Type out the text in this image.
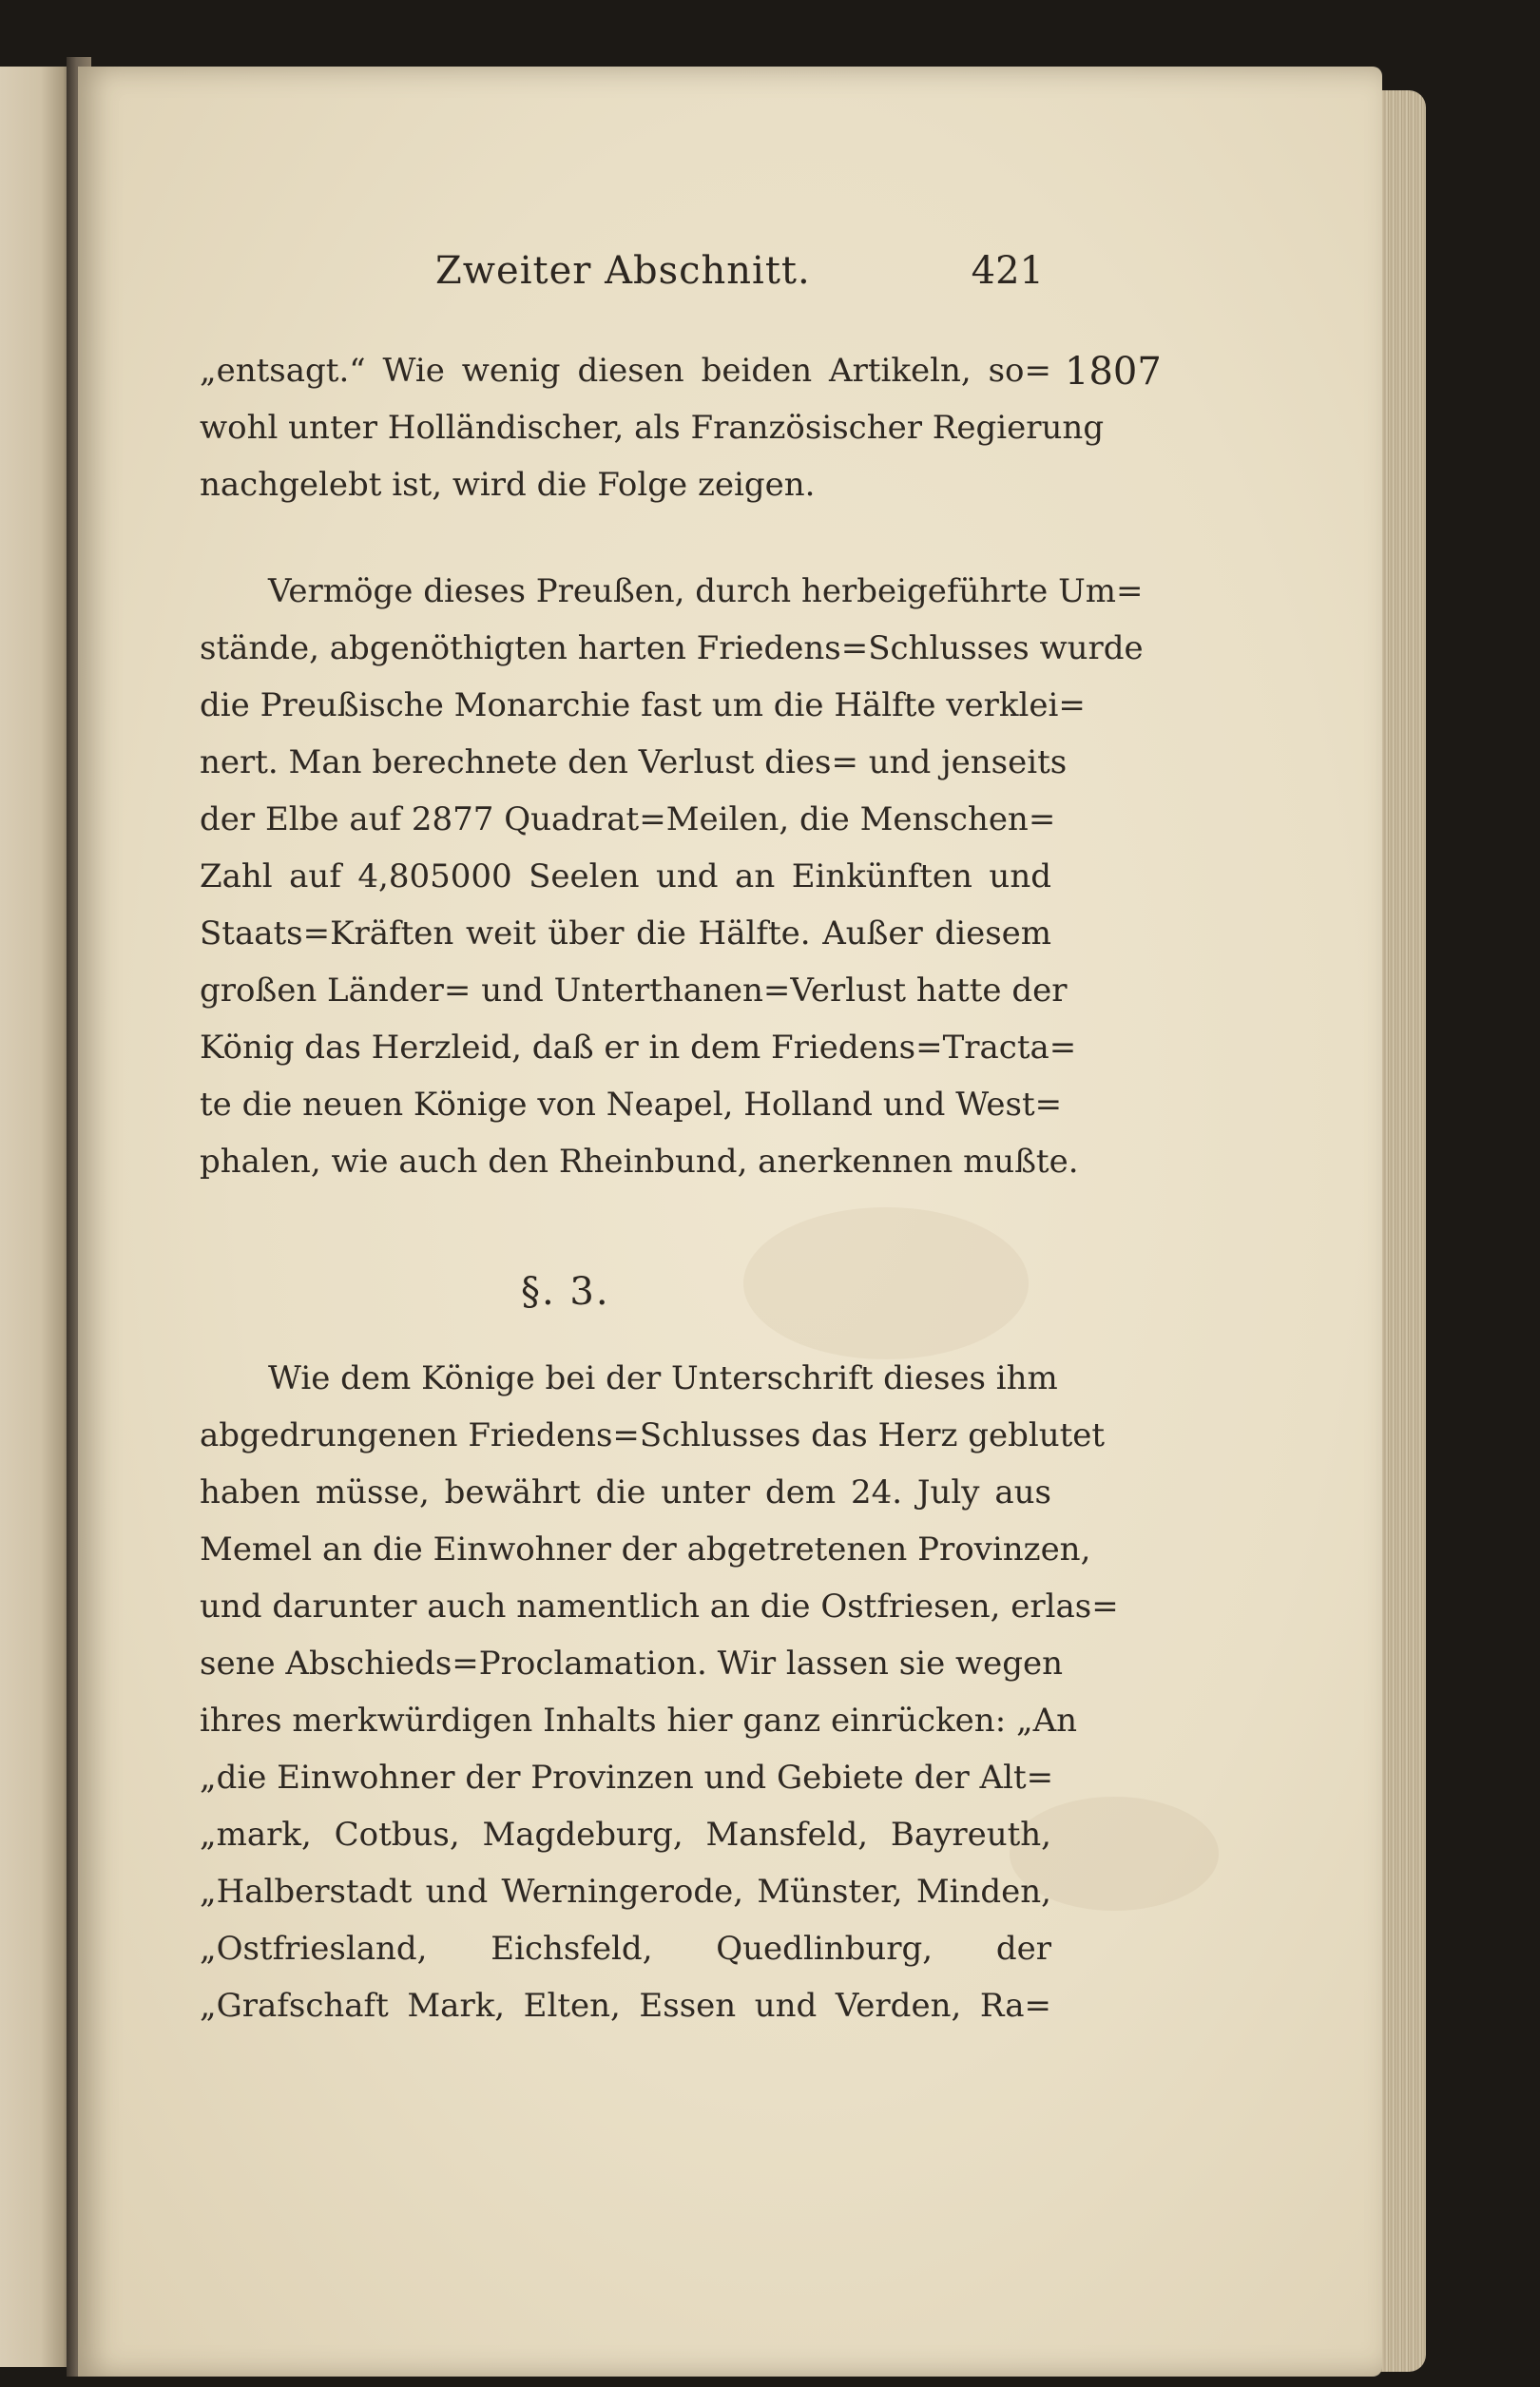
Zweiter Abschnitt.	421
1807
„entsagt.“ Wie wenig diesen beiden Artikeln, so=
wohl unter Holländischer, als Französischer Regierung
nachgelebt ist, wird die Folge zeigen.
Vermöge dieses Preußen, durch herbeigeführte Um=
stände, abgenöthigten harten Friedens=Schlusses wurde
die Preußische Monarchie fast um die Hälfte verklei=
nert. Man berechnete den Verlust dies= und jenseits
der Elbe auf 2877 Quadrat=Meilen, die Menschen=
Zahl auf 4,805000 Seelen und an Einkünften und
Staats=Kräften weit über die Hälfte. Außer diesem
großen Länder= und Unterthanen=Verlust hatte der
König das Herzleid, daß er in dem Friedens=Tracta=
te die neuen Könige von Neapel, Holland und West=
phalen, wie auch den Rheinbund, anerkennen mußte.
§. 3.
Wie dem Könige bei der Unterschrift dieses ihm
abgedrungenen Friedens=Schlusses das Herz geblutet
haben müsse, bewährt die unter dem 24. July aus
Memel an die Einwohner der abgetretenen Provinzen,
und darunter auch namentlich an die Ostfriesen, erlas=
sene Abschieds=Proclamation. Wir lassen sie wegen
ihres merkwürdigen Inhalts hier ganz einrücken: „An
„die Einwohner der Provinzen und Gebiete der Alt=
„mark, Cotbus, Magdeburg, Mansfeld, Bayreuth,
„Halberstadt und Werningerode, Münster, Minden,
„Ostfriesland, Eichsfeld, Quedlinburg, der
„Grafschaft Mark, Elten, Essen und Verden, Ra=
